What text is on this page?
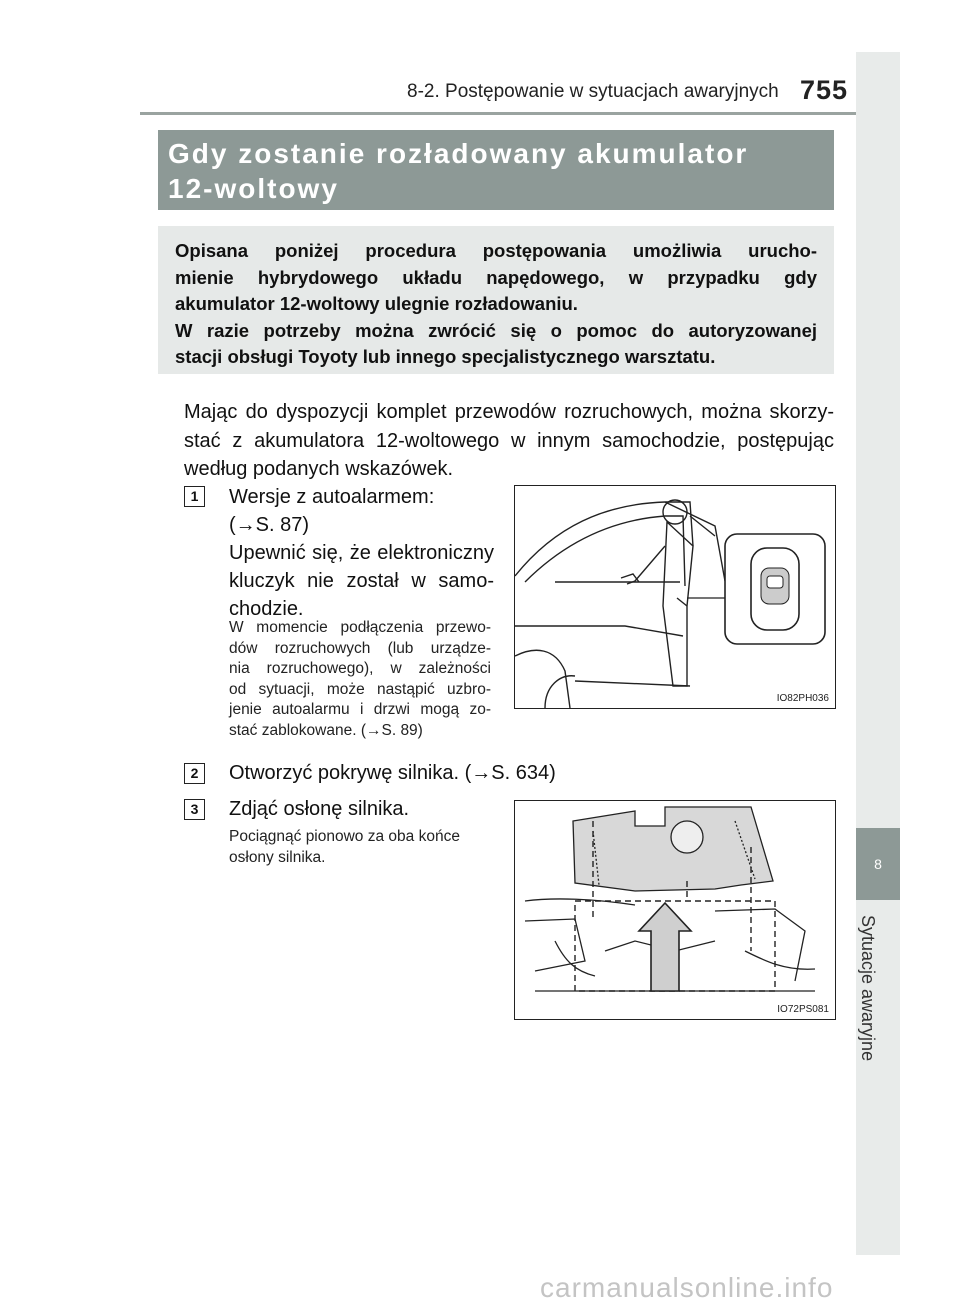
8-2. Postępowanie w sytuacjach awaryjnych 755
8
Sytuacje awaryjne
Gdy zostanie rozładowany akumulator
12-woltowy
Opisana poniżej procedura postępowania umożliwia urucho-
mienie hybrydowego układu napędowego, w przypadku gdy
akumulator 12-woltowy ulegnie rozładowaniu.
W razie potrzeby można zwrócić się o pomoc do autoryzowanej
stacji obsługi Toyoty lub innego specjalistycznego warsztatu.
Mając do dyspozycji komplet przewodów rozruchowych, można skorzy-
stać z akumulatora 12-woltowego w innym samochodzie, postępując
według podanych wskazówek.
1	Wersje z autoalarmem:
(→S. 87)
Upewnić się, że elektroniczny
kluczyk nie został w samo-
chodzie.
W momencie podłączenia przewo-
dów rozruchowych (lub urządze-
nia rozruchowego), w zależności
od sytuacji, może nastąpić uzbro-
jenie autoalarmu i drzwi mogą zo-
stać zablokowane. (→S. 89)
IO82PH036
2	Otworzyć pokrywę silnika. (→S. 634)
3	Zdjąć osłonę silnika.
Pociągnąć pionowo za oba końce
osłony silnika.
IO72PS081
carmanualsonline.info
